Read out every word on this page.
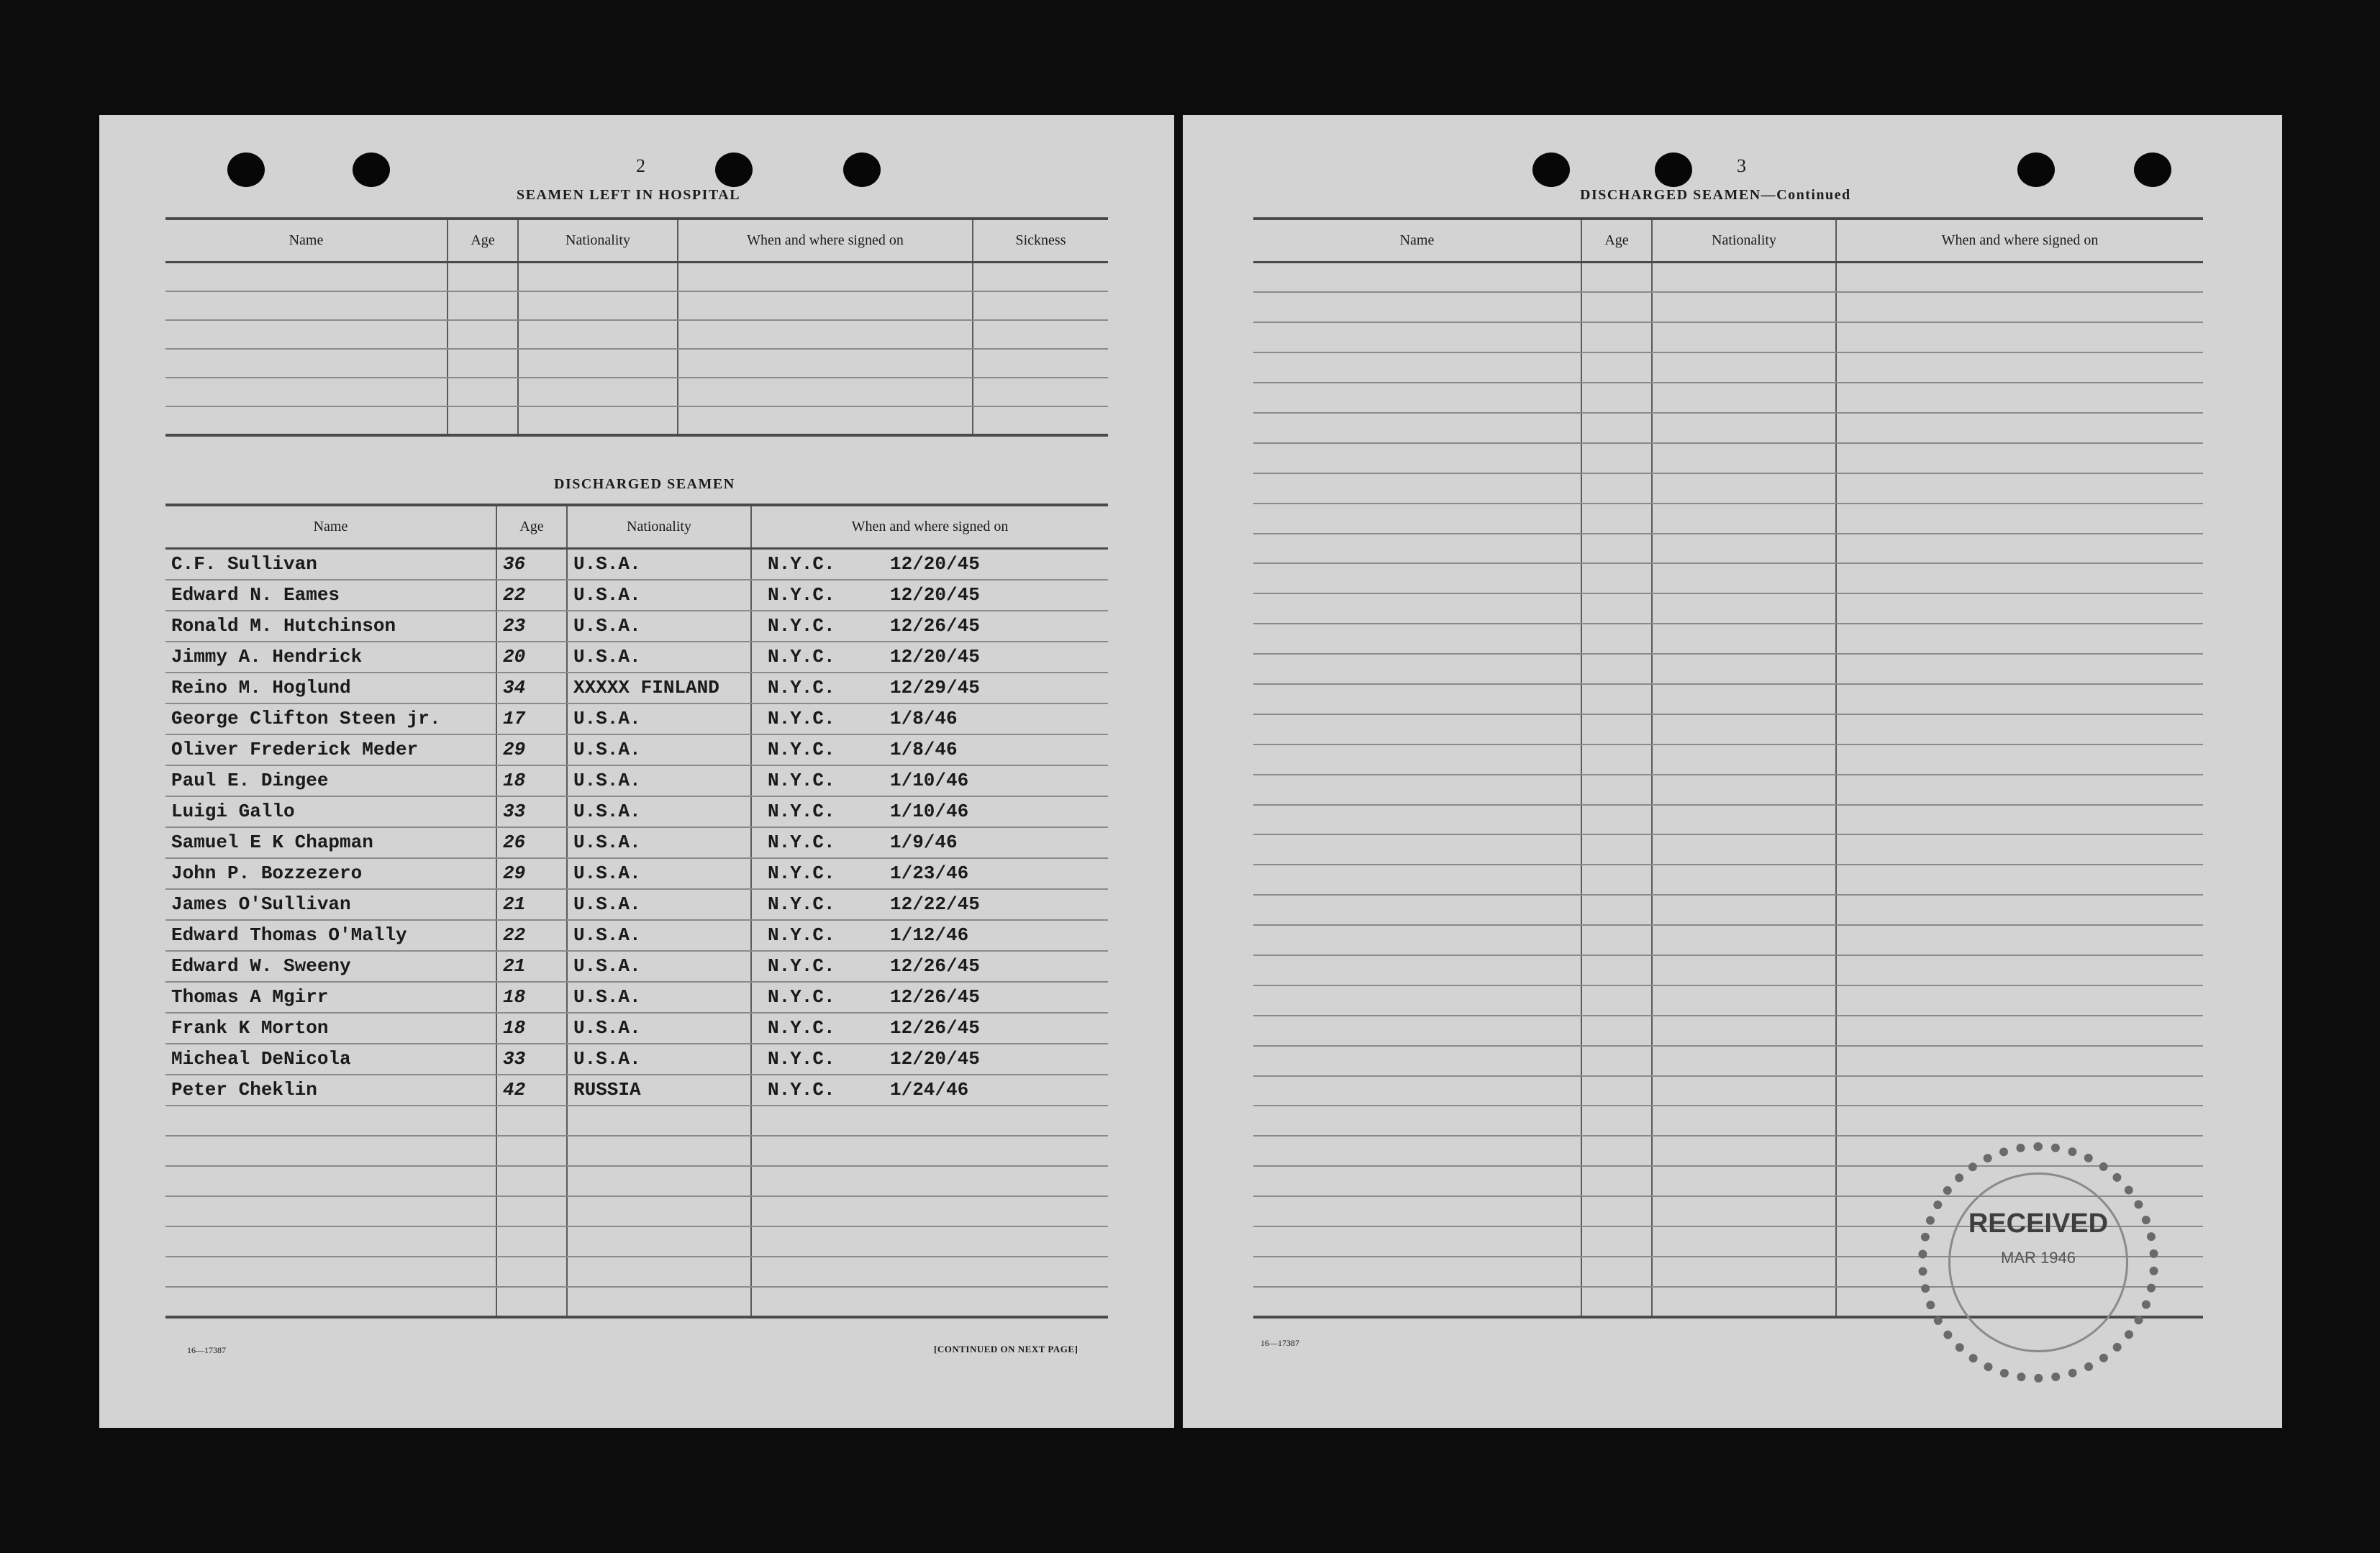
2
SEAMEN LEFT IN HOSPITAL
Name	Age	Nationality	When and where signed on	Sickness

DISCHARGED SEAMEN
Name	Age	Nationality	When and where signed on
C.F. Sullivan	36	U.S.A.	N.Y.C. 12/20/45
Edward N. Eames	22	U.S.A.	N.Y.C. 12/20/45
Ronald M. Hutchinson	23	U.S.A.	N.Y.C. 12/26/45
Jimmy A. Hendrick	20	U.S.A.	N.Y.C. 12/20/45
Reino M. Hoglund	34	XXXXX FINLAND	N.Y.C. 12/29/45
George Clifton Steen jr.	17	U.S.A.	N.Y.C. 1/8/46
Oliver Frederick Meder	29	U.S.A.	N.Y.C. 1/8/46
Paul E. Dingee	18	U.S.A.	N.Y.C. 1/10/46
Luigi Gallo	33	U.S.A.	N.Y.C. 1/10/46
Samuel E K Chapman	26	U.S.A.	N.Y.C. 1/9/46
John P. Bozzezero	29	U.S.A.	N.Y.C. 1/23/46
James O'Sullivan	21	U.S.A.	N.Y.C. 12/22/45
Edward Thomas O'Mally	22	U.S.A.	N.Y.C. 1/12/46
Edward W. Sweeny	21	U.S.A.	N.Y.C. 12/26/45
Thomas A Mgirr	18	U.S.A.	N.Y.C. 12/26/45
Frank K Morton	18	U.S.A.	N.Y.C. 12/26/45
Micheal DeNicola	33	U.S.A.	N.Y.C. 12/20/45
Peter Cheklin	42	RUSSIA	N.Y.C. 1/24/46

16—17387	[CONTINUED ON NEXT PAGE]
3
DISCHARGED SEAMEN—Continued
Name	Age	Nationality	When and where signed on

RECEIVED
MAR 1946
16—17387
